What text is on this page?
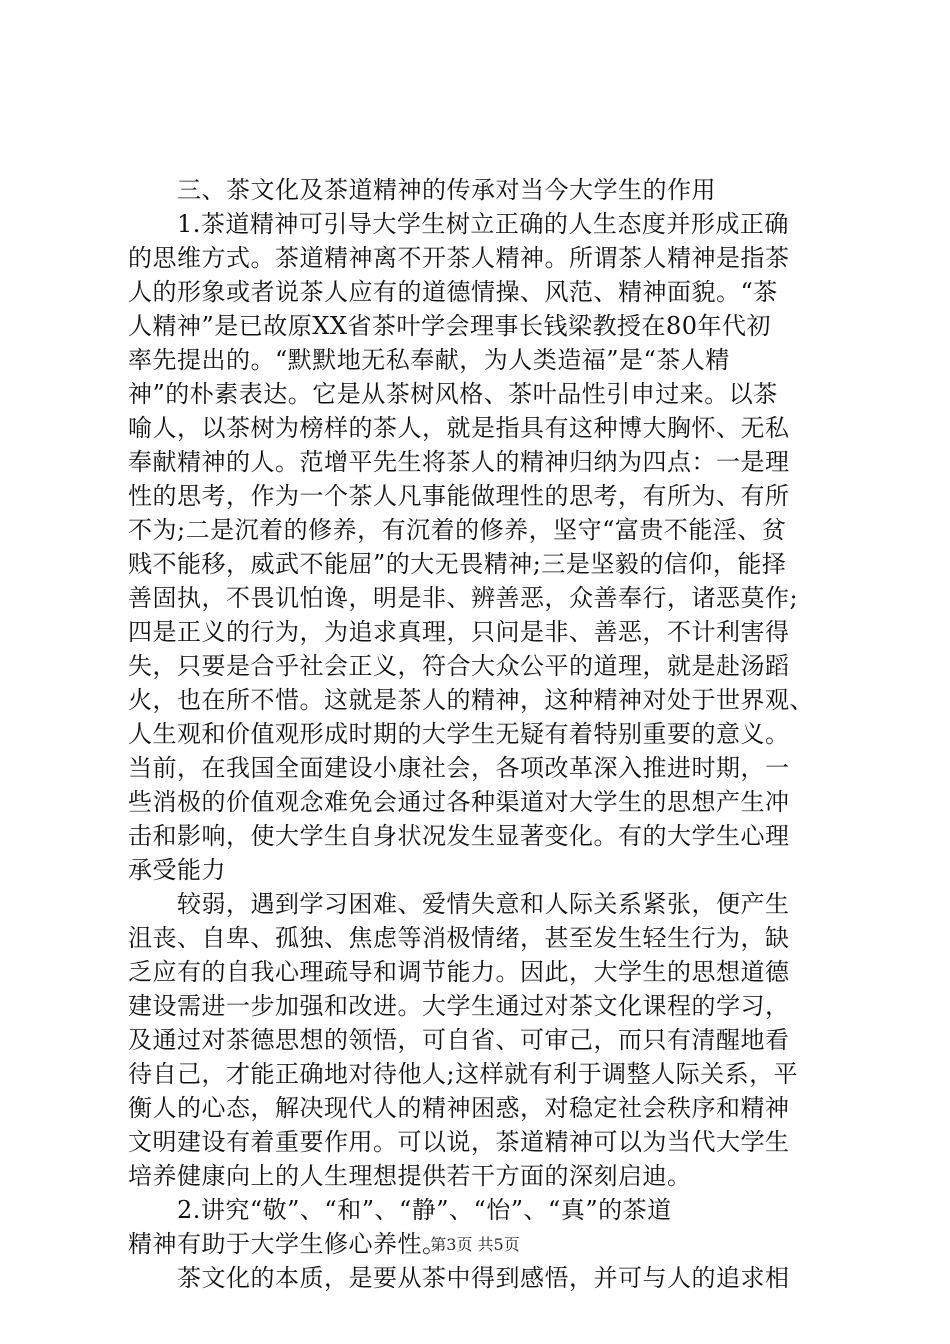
　　三、茶文化及茶道精神的传承对当今大学生的作用
　　1.茶道精神可引导大学生树立正确的人生态度并形成正确
的思维方式。茶道精神离不开茶人精神。所谓茶人精神是指茶
人的形象或者说茶人应有的道德情操、风范、精神面貌。“茶
人精神”是已故原XX省茶叶学会理事长钱梁教授在80年代初
率先提出的。“默默地无私奉献，为人类造福”是“茶人精
神”的朴素表达。它是从茶树风格、茶叶品性引申过来。以茶
喻人，以茶树为榜样的茶人，就是指具有这种博大胸怀、无私
奉献精神的人。范增平先生将茶人的精神归纳为四点：一是理
性的思考，作为一个茶人凡事能做理性的思考，有所为、有所
不为;二是沉着的修养，有沉着的修养，坚守“富贵不能淫、贫
贱不能移，威武不能屈”的大无畏精神;三是坚毅的信仰，能择
善固执，不畏讥怕谗，明是非、辨善恶，众善奉行，诸恶莫作;
四是正义的行为，为追求真理，只问是非、善恶，不计利害得
失，只要是合乎社会正义，符合大众公平的道理，就是赴汤蹈
火，也在所不惜。这就是茶人的精神，这种精神对处于世界观、
人生观和价值观形成时期的大学生无疑有着特别重要的意义。
当前，在我国全面建设小康社会，各项改革深入推进时期，一
些消极的价值观念难免会通过各种渠道对大学生的思想产生冲
击和影响，使大学生自身状况发生显著变化。有的大学生心理
承受能力
　　较弱，遇到学习困难、爱情失意和人际关系紧张，便产生
沮丧、自卑、孤独、焦虑等消极情绪，甚至发生轻生行为，缺
乏应有的自我心理疏导和调节能力。因此，大学生的思想道德
建设需进一步加强和改进。大学生通过对茶文化课程的学习，
及通过对茶德思想的领悟，可自省、可审己，而只有清醒地看
待自己，才能正确地对待他人;这样就有利于调整人际关系，平
衡人的心态，解决现代人的精神困惑，对稳定社会秩序和精神
文明建设有着重要作用。可以说，茶道精神可以为当代大学生
培养健康向上的人生理想提供若干方面的深刻启迪。
　　2.讲究“敬”、“和”、“静”、“怡”、“真”的茶道
精神有助于大学生修心养性。
　　茶文化的本质，是要从茶中得到感悟，并可与人的追求相
第3页 共5页
